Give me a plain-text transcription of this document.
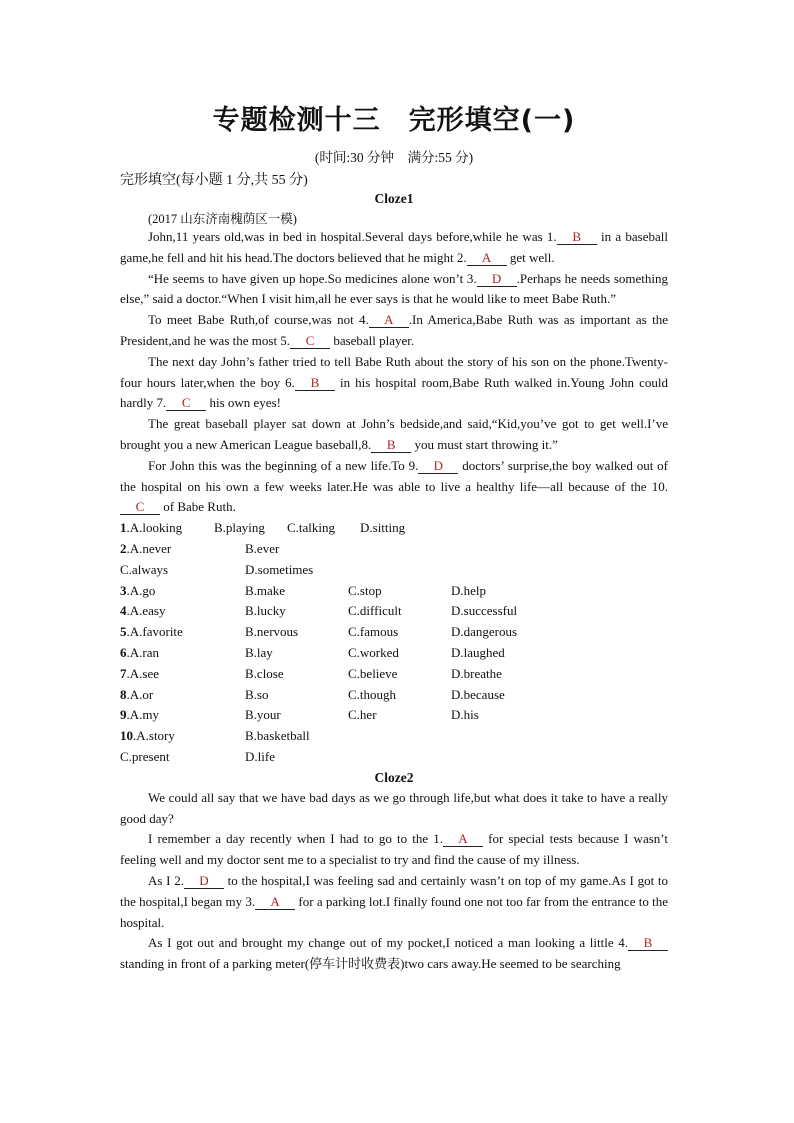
专题检测十三　完形填空(一)
(时间:30 分钟　满分:55 分)
完形填空(每小题 1 分,共 55 分)
Cloze1
(2017 山东济南槐荫区一模)

John,11 years old,was in bed in hospital.Several days before,while he was 1. B in a baseball game,he fell and hit his head.The doctors believed that he might 2. A get well.

“He seems to have given up hope.So medicines alone won’t 3. D .Perhaps he needs something else,” said a doctor.“When I visit him,all he ever says is that he would like to meet Babe Ruth.”

To meet Babe Ruth,of course,was not 4. A .In America,Babe Ruth was as important as the President,and he was the most 5. C baseball player.

The next day John’s father tried to tell Babe Ruth about the story of his son on the phone.Twenty-four hours later,when the boy 6. B in his hospital room,Babe Ruth walked in.Young John could hardly 7. C his own eyes!

The great baseball player sat down at John’s bedside,and said,“Kid,you’ve got to get well.I’ve brought you a new American League baseball,8. B you must start throwing it.”

For John this was the beginning of a new life.To 9. D doctors’ surprise,the boy walked out of the hospital on his own a few weeks later.He was able to live a healthy life—all because of the 10.C of Babe Ruth.

1.A.looking	B.playing	C.talking	D.sitting
2.A.never	B.ever
C.always	D.sometimes
3.A.go	B.make	C.stop	D.help
4.A.easy	B.lucky	C.difficult	D.successful
5.A.favorite	B.nervous	C.famous	D.dangerous
6.A.ran	B.lay	C.worked	D.laughed
7.A.see	B.close	C.believe	D.breathe
8.A.or	B.so	C.though	D.because
9.A.my	B.your	C.her	D.his
10.A.story	B.basketball
C.present	D.life
Cloze2

We could all say that we have bad days as we go through life,but what does it take to have a really good day?

I remember a day recently when I had to go to the 1. A for special tests because I wasn’t feeling well and my doctor sent me to a specialist to try and find the cause of my illness.

As I 2. D to the hospital,I was feeling sad and certainly wasn’t on top of my game.As I got to the hospital,I began my 3. A for a parking lot.I finally found one not too far from the entrance to the hospital.

As I got out and brought my change out of my pocket,I noticed a man looking a little 4. B standing in front of a parking meter(停车计时收费表)two cars away.He seemed to be searching
